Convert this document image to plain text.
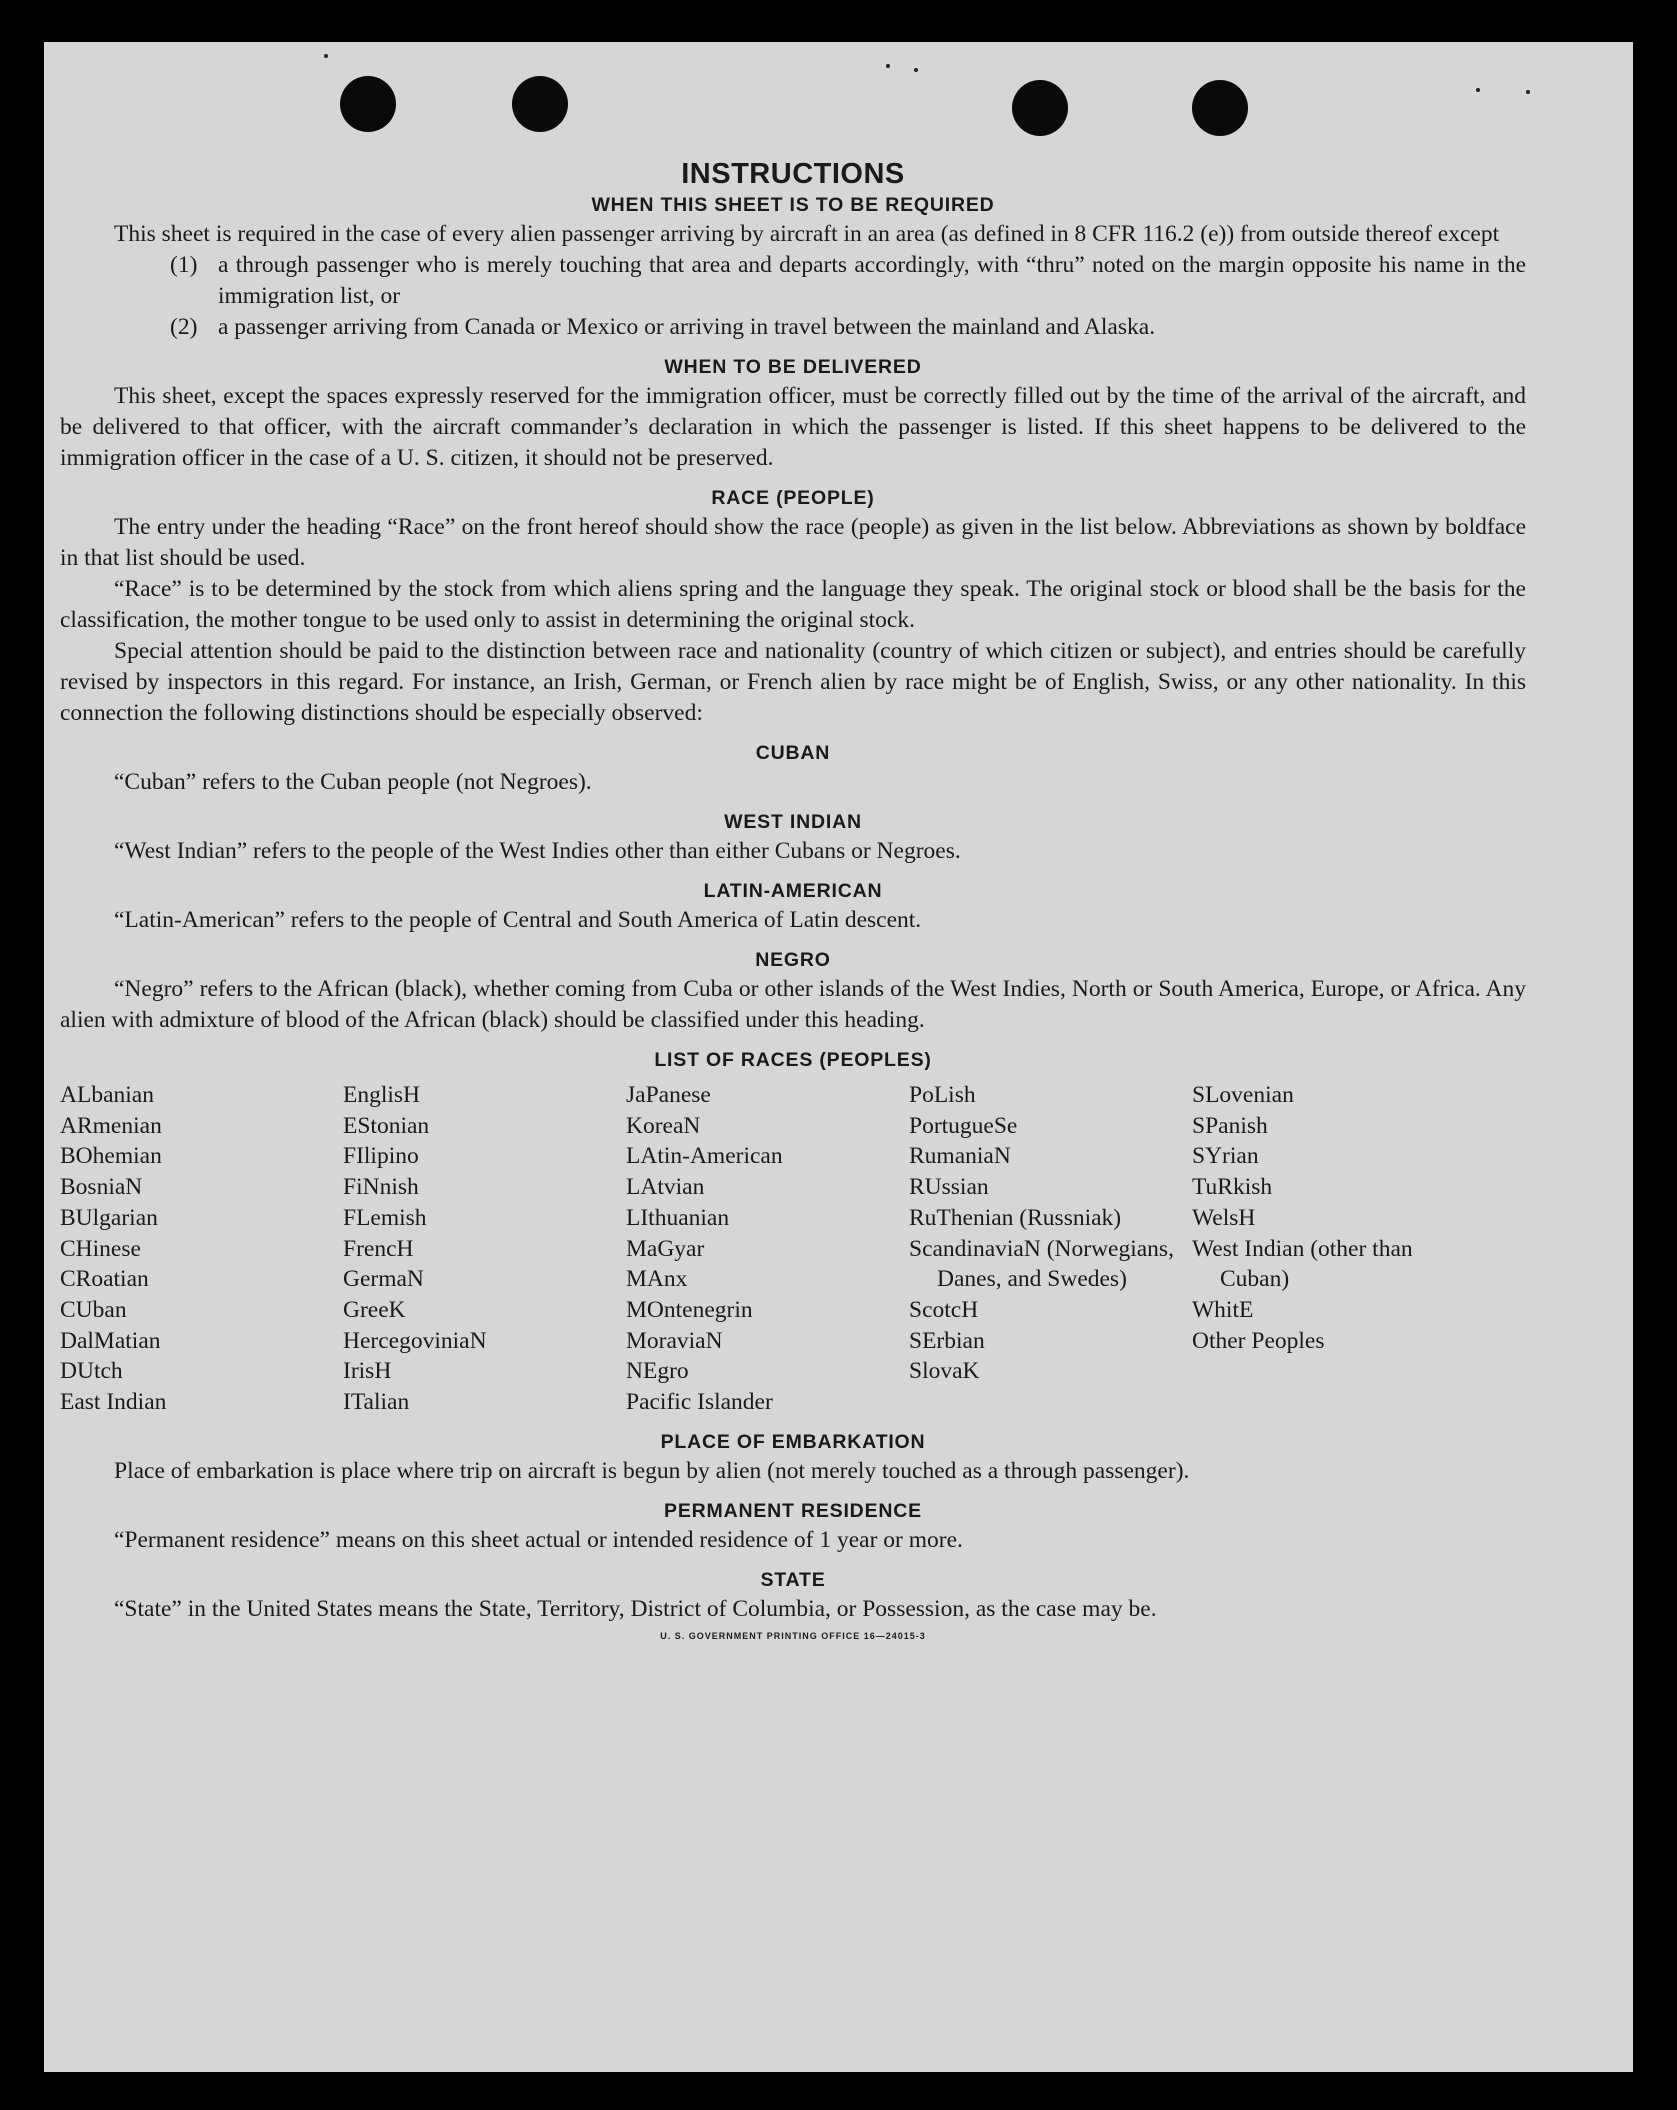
INSTRUCTIONS
WHEN THIS SHEET IS TO BE REQUIRED

This sheet is required in the case of every alien passenger arriving by aircraft in an area (as defined in 8 CFR 116.2 (e)) from outside thereof except

(1) a through passenger who is merely touching that area and departs accordingly, with “thru” noted on the margin opposite his name in the immigration list, or
(2) a passenger arriving from Canada or Mexico or arriving in travel between the mainland and Alaska.
WHEN TO BE DELIVERED

This sheet, except the spaces expressly reserved for the immigration officer, must be correctly filled out by the time of the arrival of the aircraft, and be delivered to that officer, with the aircraft commander’s declaration in which the passenger is listed. If this sheet happens to be delivered to the immigration officer in the case of a U. S. citizen, it should not be preserved.

RACE (PEOPLE)

The entry under the heading “Race” on the front hereof should show the race (people) as given in the list below. Abbreviations as shown by boldface in that list should be used.

“Race” is to be determined by the stock from which aliens spring and the language they speak. The original stock or blood shall be the basis for the classification, the mother tongue to be used only to assist in determining the original stock.

Special attention should be paid to the distinction between race and nationality (country of which citizen or subject), and entries should be carefully revised by inspectors in this regard. For instance, an Irish, German, or French alien by race might be of English, Swiss, or any other nationality. In this connection the following distinctions should be especially observed:

CUBAN

“Cuban” refers to the Cuban people (not Negroes).

WEST INDIAN

“West Indian” refers to the people of the West Indies other than either Cubans or Negroes.

LATIN-AMERICAN

“Latin-American” refers to the people of Central and South America of Latin descent.

NEGRO

“Negro” refers to the African (black), whether coming from Cuba or other islands of the West Indies, North or South America, Europe, or Africa. Any alien with admixture of blood of the African (black) should be classified under this heading.

LIST OF RACES (PEOPLES)
ALbanian
ARmenian
BOhemian
BosniaN
BUlgarian
CHinese
CRoatian
CUban
DalMatian
DUtch
East Indian
EnglisH
EStonian
FIlipino
FiNnish
FLemish
FrencH
GermaN
GreeK
HercegoviniaN
IrisH
ITalian
JaPanese
KoreaN
LAtin-American
LAtvian
LIthuanian
MaGyar
MAnx
MOntenegrin
MoraviaN
NEgro
Pacific Islander
PoLish
PortugueSe
RumaniaN
RUssian
RuThenian (Russniak)
ScandinaviaN (Norwegians, Danes, and Swedes)
ScotcH
SErbian
SlovaK
SLovenian
SPanish
SYrian
TuRkish
WelsH
West Indian (other than Cuban)
WhitE
Other Peoples
PLACE OF EMBARKATION

Place of embarkation is place where trip on aircraft is begun by alien (not merely touched as a through passenger).

PERMANENT RESIDENCE

“Permanent residence” means on this sheet actual or intended residence of 1 year or more.

STATE

“State” in the United States means the State, Territory, District of Columbia, or Possession, as the case may be.

U. S. GOVERNMENT PRINTING OFFICE 16—24015-3
